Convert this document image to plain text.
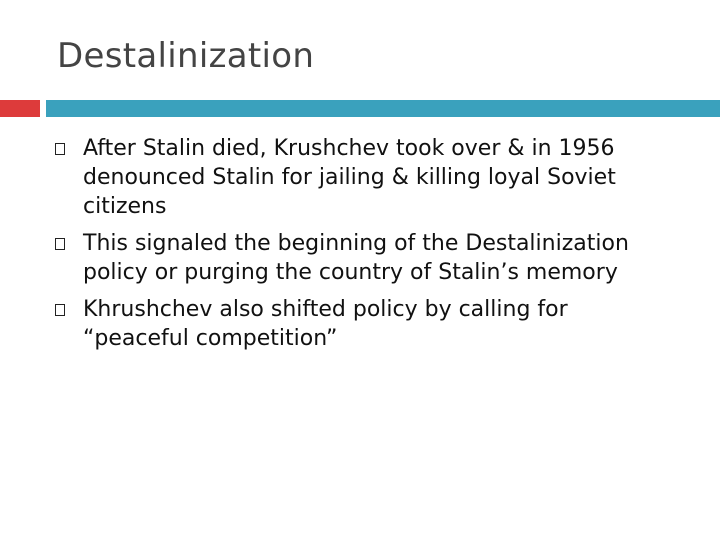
Destalinization
After Stalin died, Krushchev took over & in 1956 denounced Stalin for jailing & killing loyal Soviet citizens
This signaled the beginning of the Destalinization policy or purging the country of Stalin’s memory
Khrushchev also shifted policy by calling for “peaceful competition”
